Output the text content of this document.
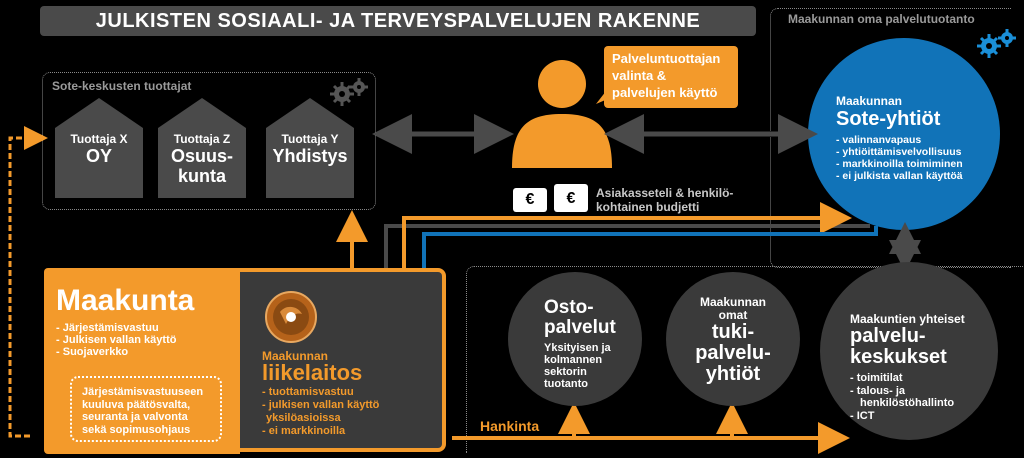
JULKISTEN SOSIAALI- JA TERVEYSPALVELUJEN RAKENNE	Maakunnan oma palvelutuotanto
Sote-keskusten tuottajat
Tuottaja X
OY
Tuottaja Z
Osuus-
kunta
Tuottaja Y
Yhdistys
Palveluntuottajan
valinta &
palvelujen käyttö
€	€	Asiakasseteli & henkilö-
kohtainen budjetti
Maakunnan
Sote-yhtiöt
- valinnanvapaus
- yhtiöittämisvelvollisuus
- markkinoilla toimiminen
- ei julkista vallan käyttöä
Maakunta
- Järjestämisvastuu
- Julkisen vallan käyttö
- Suojaverkko
Järjestämisvastuuseen
kuuluva päätösvalta,
seuranta ja valvonta
sekä sopimusohjaus
Maakunnan
liikelaitos
- tuottamisvastuu
- julkisen vallan käyttö
yksilöasioissa
- ei markkinoilla	Hankinta
Osto-
palvelut
Yksityisen ja
kolmannen
sektorin
tuotanto
Maakunnan
omat
tuki-
palvelu-
yhtiöt
Maakuntien yhteiset
palvelu-
keskukset
- toimitilat
- talous- ja
henkilöstöhallinto
- ICT
